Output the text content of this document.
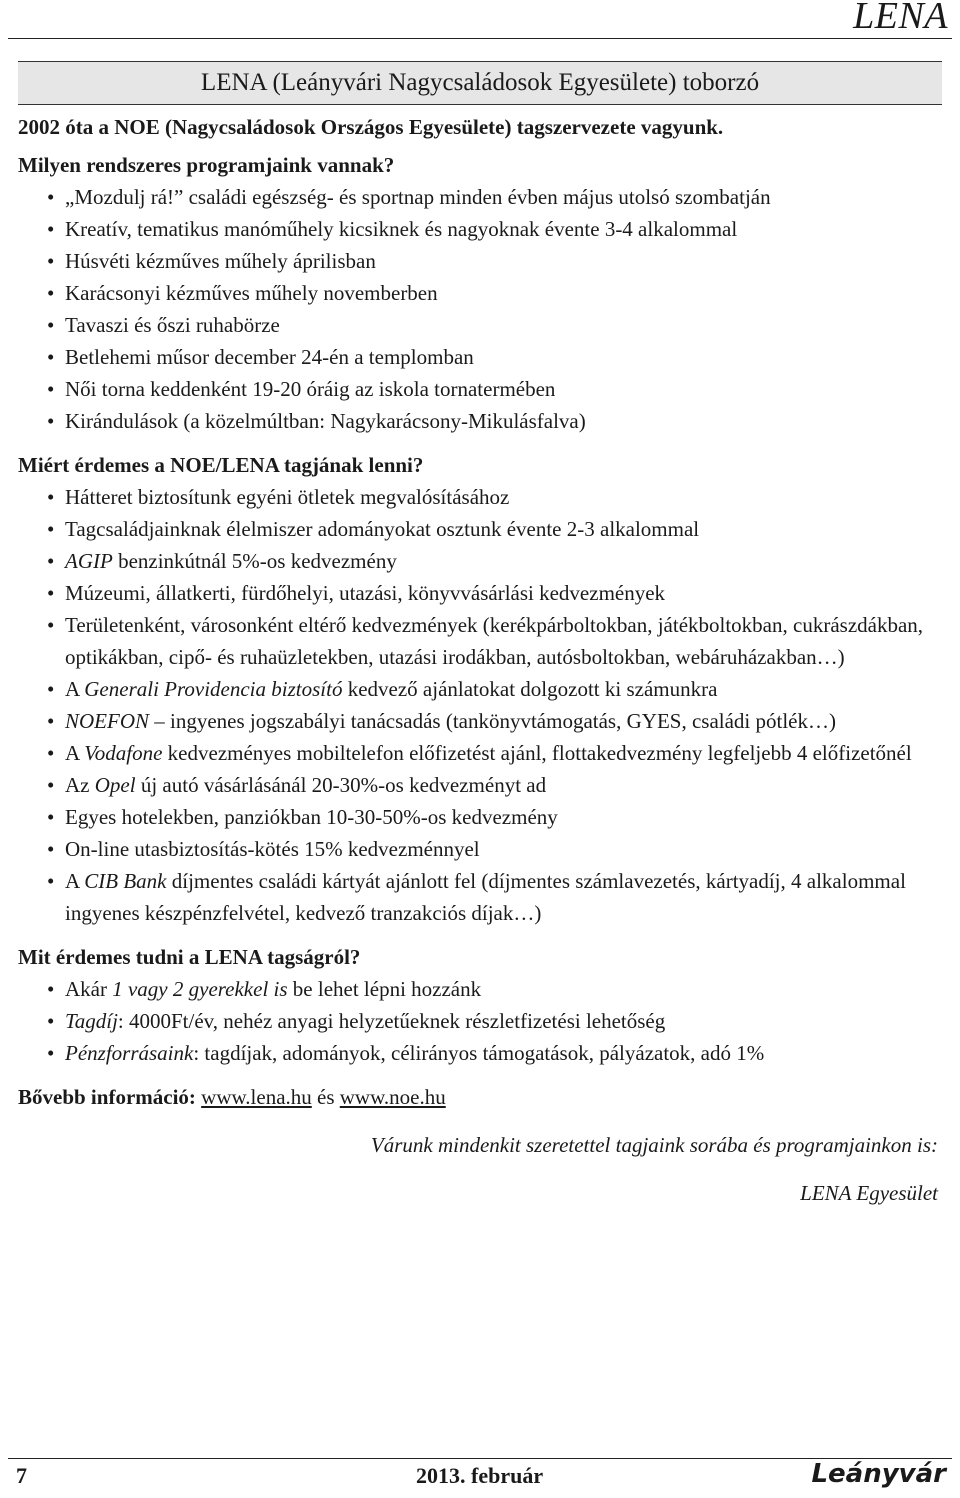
LENA
LENA (Leányvári Nagycsaládosok Egyesülete) toborzó
2002 óta a NOE (Nagycsaládosok Országos Egyesülete) tagszervezete vagyunk.
Milyen rendszeres programjaink vannak?
• „Mozdulj rá!” családi egészség- és sportnap minden évben május utolsó szombatján
• Kreatív, tematikus manóműhely kicsiknek és nagyoknak évente 3-4 alkalommal
• Húsvéti kézműves műhely áprilisban
• Karácsonyi kézműves műhely novemberben
• Tavaszi és őszi ruhabörze
• Betlehemi műsor december 24-én a templomban
• Női torna keddenként 19-20 óráig az iskola tornatermében
• Kirándulások (a közelmúltban: Nagykarácsony-Mikulásfalva)
Miért érdemes a NOE/LENA tagjának lenni?
• Hátteret biztosítunk egyéni ötletek megvalósításához
• Tagcsaládjainknak élelmiszer adományokat osztunk évente 2-3 alkalommal
• AGIP benzinkútnál 5%-os kedvezmény
• Múzeumi, állatkerti, fürdőhelyi, utazási, könyvvásárlási kedvezmények
• Területenként, városonként eltérő kedvezmények (kerékpárboltokban, játékboltokban, cukrászdákban, optikákban, cipő- és ruhaüzletekben, utazási irodákban, autósboltokban, webáruházakban…)
• A Generali Providencia biztosító kedvező ajánlatokat dolgozott ki számunkra
• NOEFON – ingyenes jogszabályi tanácsadás (tankönyvtámogatás, GYES, családi pótlék…)
• A Vodafone kedvezményes mobiltelefon előfizetést ajánl, flottakedvezmény legfeljebb 4 előfizetőnél
• Az Opel új autó vásárlásánál 20-30%-os kedvezményt ad
• Egyes hotelekben, panziókban 10-30-50%-os kedvezmény
• On-line utasbiztosítás-kötés 15% kedvezménnyel
• A CIB Bank díjmentes családi kártyát ajánlott fel (díjmentes számlavezetés, kártyadíj, 4 alkalommal ingyenes készpénzfelvétel, kedvező tranzakciós díjak…)
Mit érdemes tudni a LENA tagságról?
• Akár 1 vagy 2 gyerekkel is be lehet lépni hozzánk
• Tagdíj: 4000Ft/év, nehéz anyagi helyzetűeknek részletfizetési lehetőség
• Pénzforrásaink: tagdíjak, adományok, célirányos támogatások, pályázatok, adó 1%
Bővebb információ: www.lena.hu és www.noe.hu
Várunk mindenkit szeretettel tagjaink sorába és programjainkon is:
LENA Egyesület
7	2013. február	Leányvár
